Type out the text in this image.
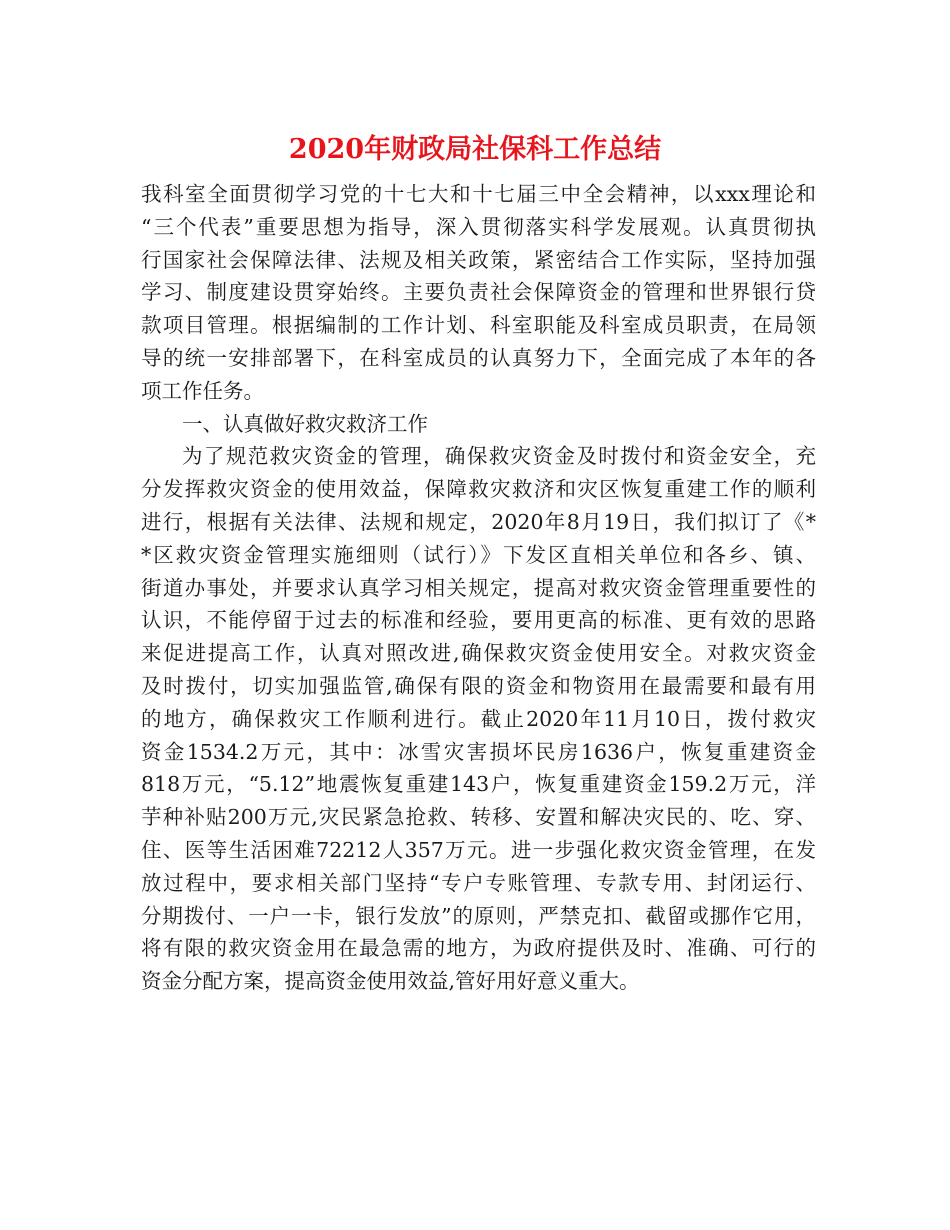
2020年财政局社保科工作总结
我科室全面贯彻学习党的十七大和十七届三中全会精神，以xxx理论和
“三个代表”重要思想为指导，深入贯彻落实科学发展观。认真贯彻执
行国家社会保障法律、法规及相关政策，紧密结合工作实际，坚持加强
学习、制度建设贯穿始终。主要负责社会保障资金的管理和世界银行贷
款项目管理。根据编制的工作计划、科室职能及科室成员职责，在局领
导的统一安排部署下，在科室成员的认真努力下，全面完成了本年的各
项工作任务。
一、认真做好救灾救济工作
为了规范救灾资金的管理，确保救灾资金及时拨付和资金安全，充
分发挥救灾资金的使用效益，保障救灾救济和灾区恢复重建工作的顺利
进行，根据有关法律、法规和规定，2020年8月19日，我们拟订了《*
*区救灾资金管理实施细则（试行）》下发区直相关单位和各乡、镇、
街道办事处，并要求认真学习相关规定，提高对救灾资金管理重要性的
认识，不能停留于过去的标准和经验，要用更高的标准、更有效的思路
来促进提高工作，认真对照改进,确保救灾资金使用安全。对救灾资金
及时拨付，切实加强监管,确保有限的资金和物资用在最需要和最有用
的地方，确保救灾工作顺利进行。截止2020年11月10日，拨付救灾
资金1534.2万元，其中：冰雪灾害损坏民房1636户，恢复重建资金
818万元，“5.12”地震恢复重建143户，恢复重建资金159.2万元，洋
芋种补贴200万元,灾民紧急抢救、转移、安置和解决灾民的、吃、穿、
住、医等生活困难72212人357万元。进一步强化救灾资金管理，在发
放过程中，要求相关部门坚持“专户专账管理、专款专用、封闭运行、
分期拨付、一户一卡，银行发放”的原则，严禁克扣、截留或挪作它用，
将有限的救灾资金用在最急需的地方，为政府提供及时、准确、可行的
资金分配方案，提高资金使用效益,管好用好意义重大。
